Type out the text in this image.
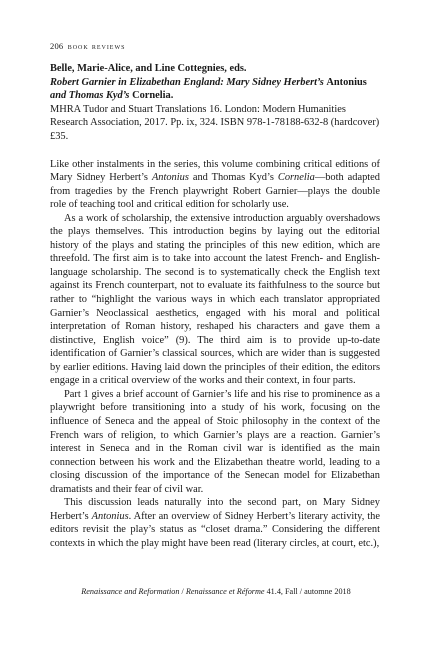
206 book reviews
Belle, Marie-Alice, and Line Cottegnies, eds.
Robert Garnier in Elizabethan England: Mary Sidney Herbert’s Antonius and Thomas Kyd’s Cornelia.
MHRA Tudor and Stuart Translations 16. London: Modern Humanities Research Association, 2017. Pp. ix, 324. ISBN 978-1-78188-632-8 (hardcover) £35.

Like other instalments in the series, this volume combining critical editions of Mary Sidney Herbert’s Antonius and Thomas Kyd’s Cornelia—both adapted from tragedies by the French playwright Robert Garnier—plays the double role of teaching tool and critical edition for scholarly use.

As a work of scholarship, the extensive introduction arguably overshadows the plays themselves. This introduction begins by laying out the editorial history of the plays and stating the principles of this new edition, which are threefold. The first aim is to take into account the latest French- and English-language scholarship. The second is to systematically check the English text against its French counterpart, not to evaluate its faithfulness to the source but rather to “highlight the various ways in which each translator appropriated Garnier’s Neoclassical aesthetics, engaged with his moral and political interpretation of Roman history, reshaped his characters and gave them a distinctive, English voice” (9). The third aim is to provide up-to-date identification of Garnier’s classical sources, which are wider than is suggested by earlier editions. Having laid down the principles of their edition, the editors engage in a critical overview of the works and their context, in four parts.

Part 1 gives a brief account of Garnier’s life and his rise to prominence as a playwright before transitioning into a study of his work, focusing on the influence of Seneca and the appeal of Stoic philosophy in the context of the French wars of religion, to which Garnier’s plays are a reaction. Garnier’s interest in Seneca and in the Roman civil war is identified as the main connection between his work and the Elizabethan theatre world, leading to a closing discussion of the importance of the Senecan model for Elizabethan dramatists and their fear of civil war.

This discussion leads naturally into the second part, on Mary Sidney Herbert’s Antonius. After an overview of Sidney Herbert’s literary activity, the editors revisit the play’s status as “closet drama.” Considering the different contexts in which the play might have been read (literary circles, at court, etc.),

Renaissance and Reformation / Renaissance et Réforme 41.4, Fall / automne 2018
